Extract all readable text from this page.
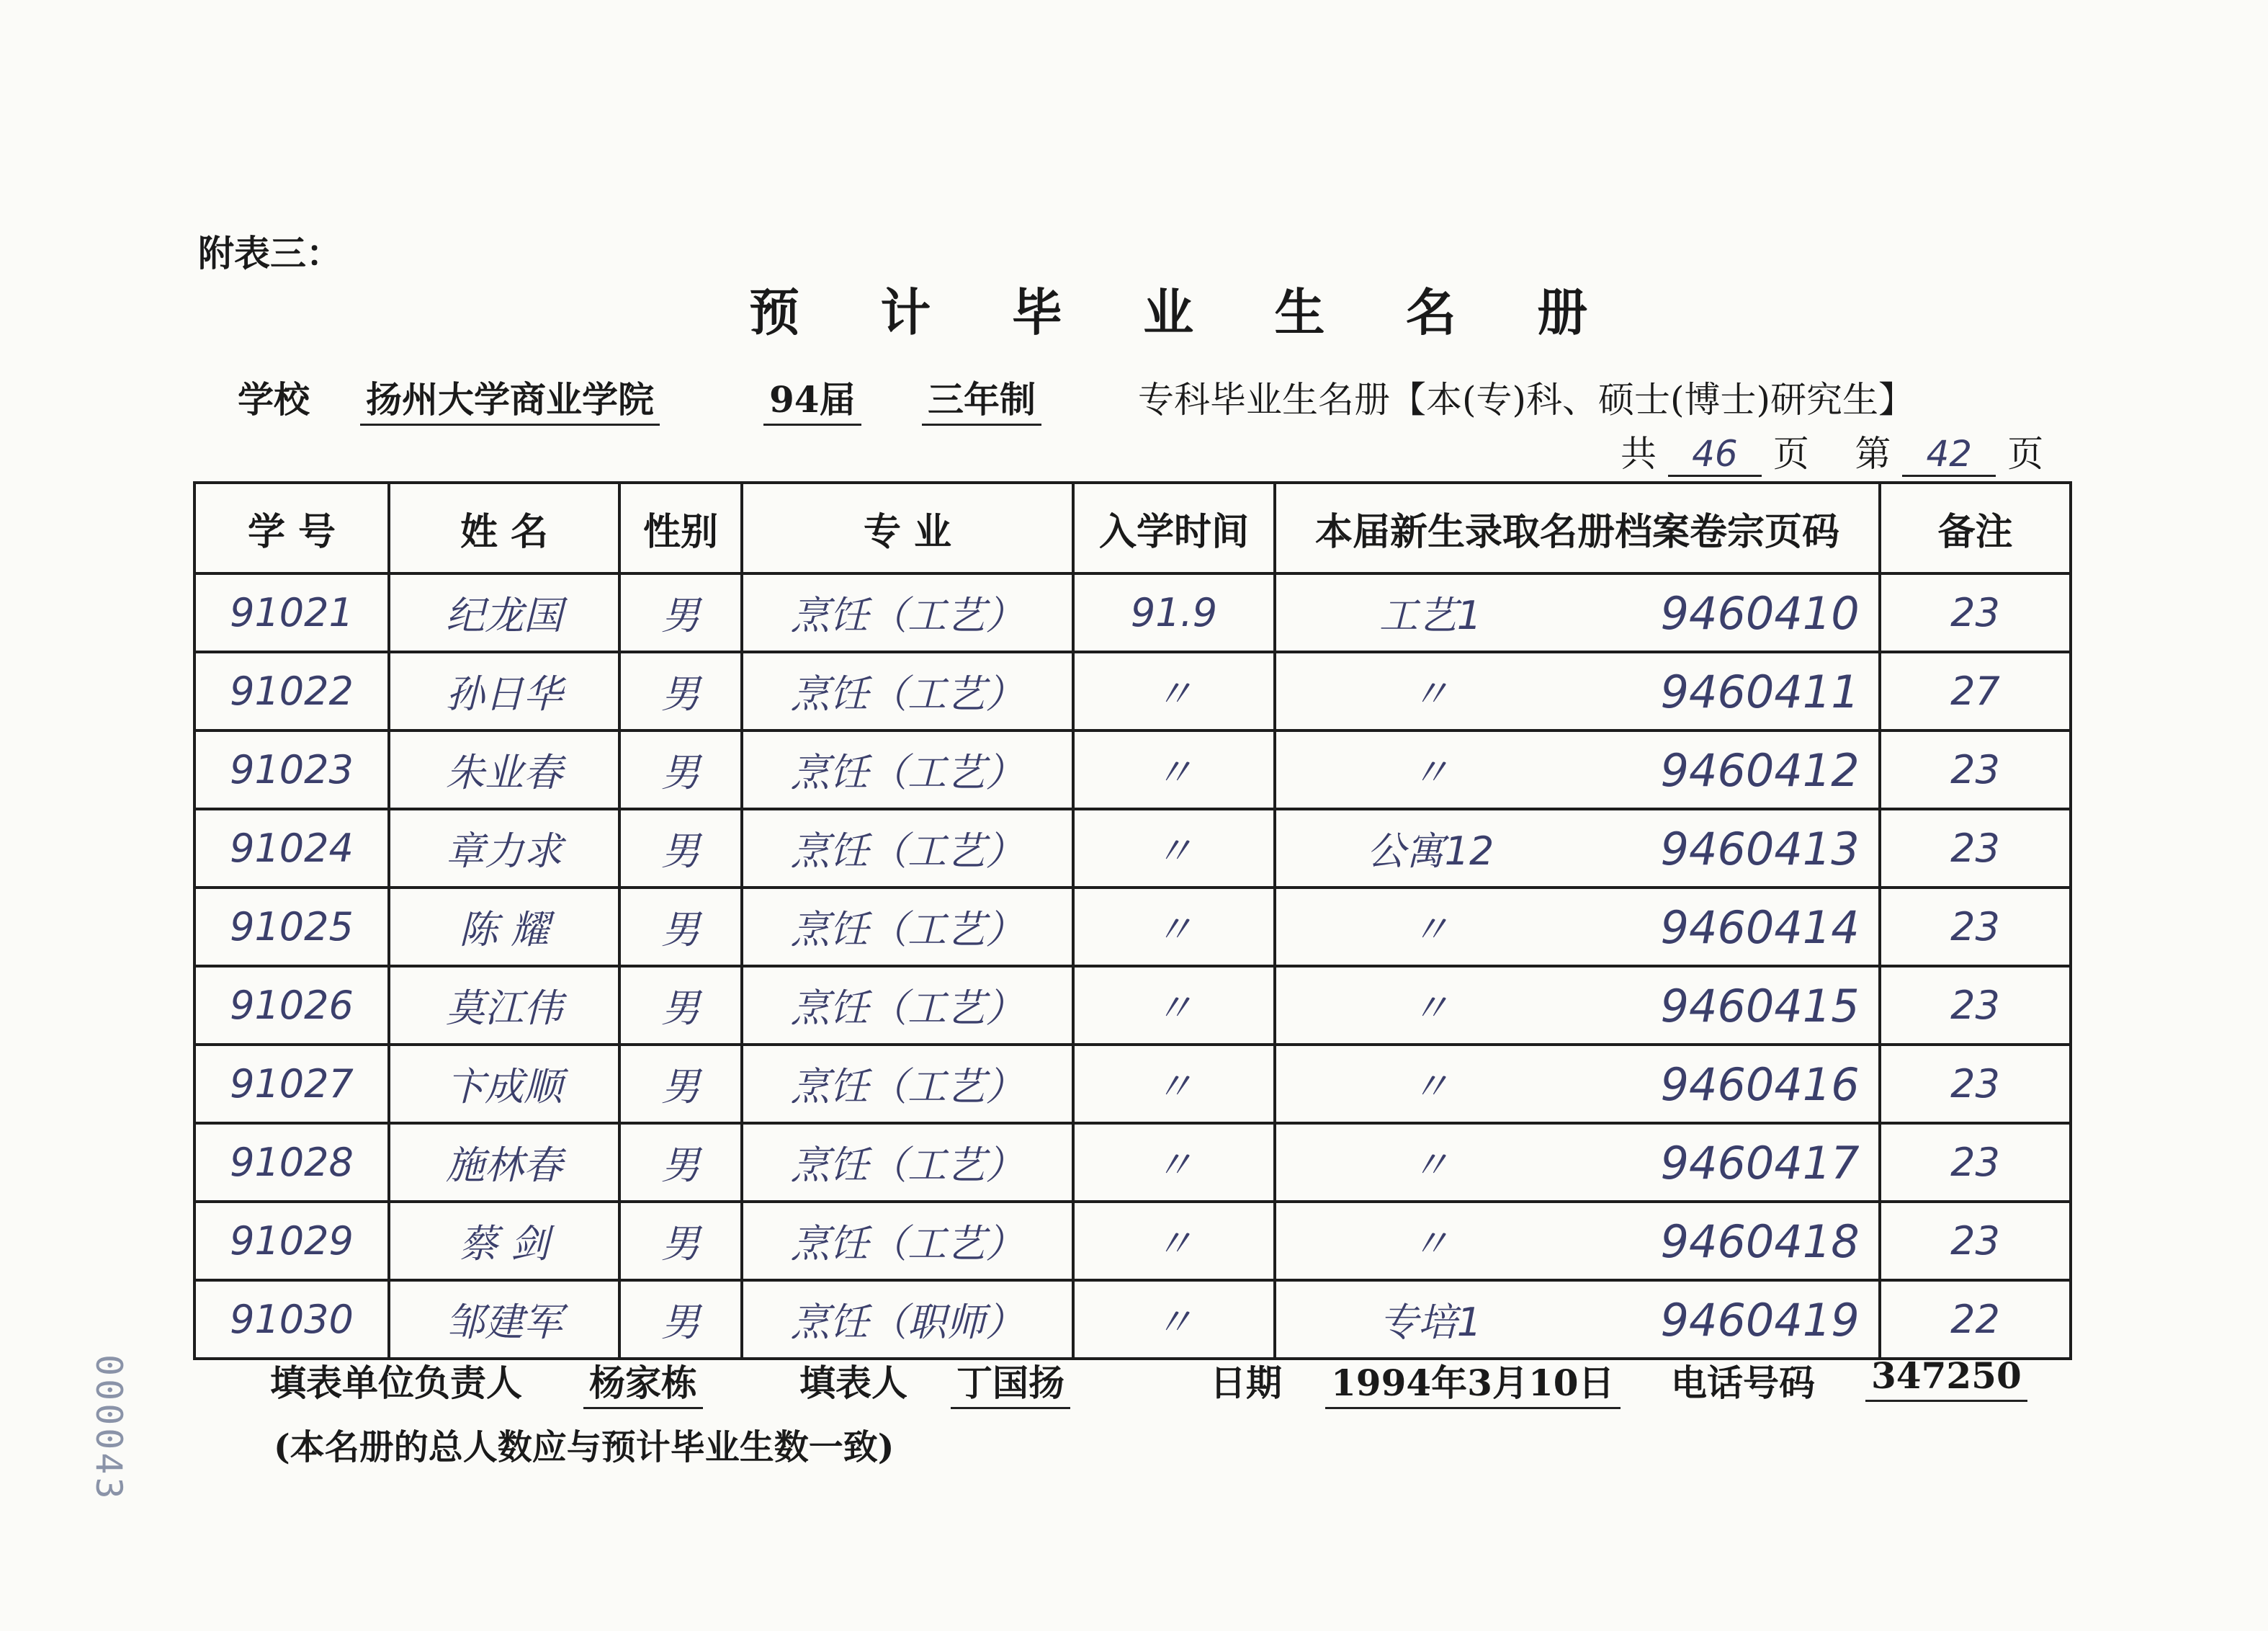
附表三：
预 计 毕 业 生 名 册
学校 扬州大学商业学院	94届 三年制	专科毕业生名册【本(专)科、硕士(博士)研究生】
共 46 页 第 42 页
学 号	姓 名	性别	专 业	入学时间	本届新生录取名册档案卷宗页码	备注
91021	纪龙国	男	烹饪（工艺）	91.9	工艺1 9460410	23
91022	孙日华	男	烹饪（工艺）	〃	〃 9460411	27
91023	朱业春	男	烹饪（工艺）	〃	〃 9460412	23
91024	章力求	男	烹饪（工艺）	〃	公寓12 9460413	23
91025	陈 耀	男	烹饪（工艺）	〃	〃 9460414	23
91026	莫江伟	男	烹饪（工艺）	〃	〃 9460415	23
91027	卞成顺	男	烹饪（工艺）	〃	〃 9460416	23
91028	施林春	男	烹饪（工艺）	〃	〃 9460417	23
91029	蔡 剑	男	烹饪（工艺）	〃	〃 9460418	23
91030	邹建军	男	烹饪（职师）	〃	专培1 9460419	22
填表单位负责人 杨家栋	填表人 丁国扬	日期 1994年3月10日 电话号码 347250
(本名册的总人数应与预计毕业生数一致)
000043
